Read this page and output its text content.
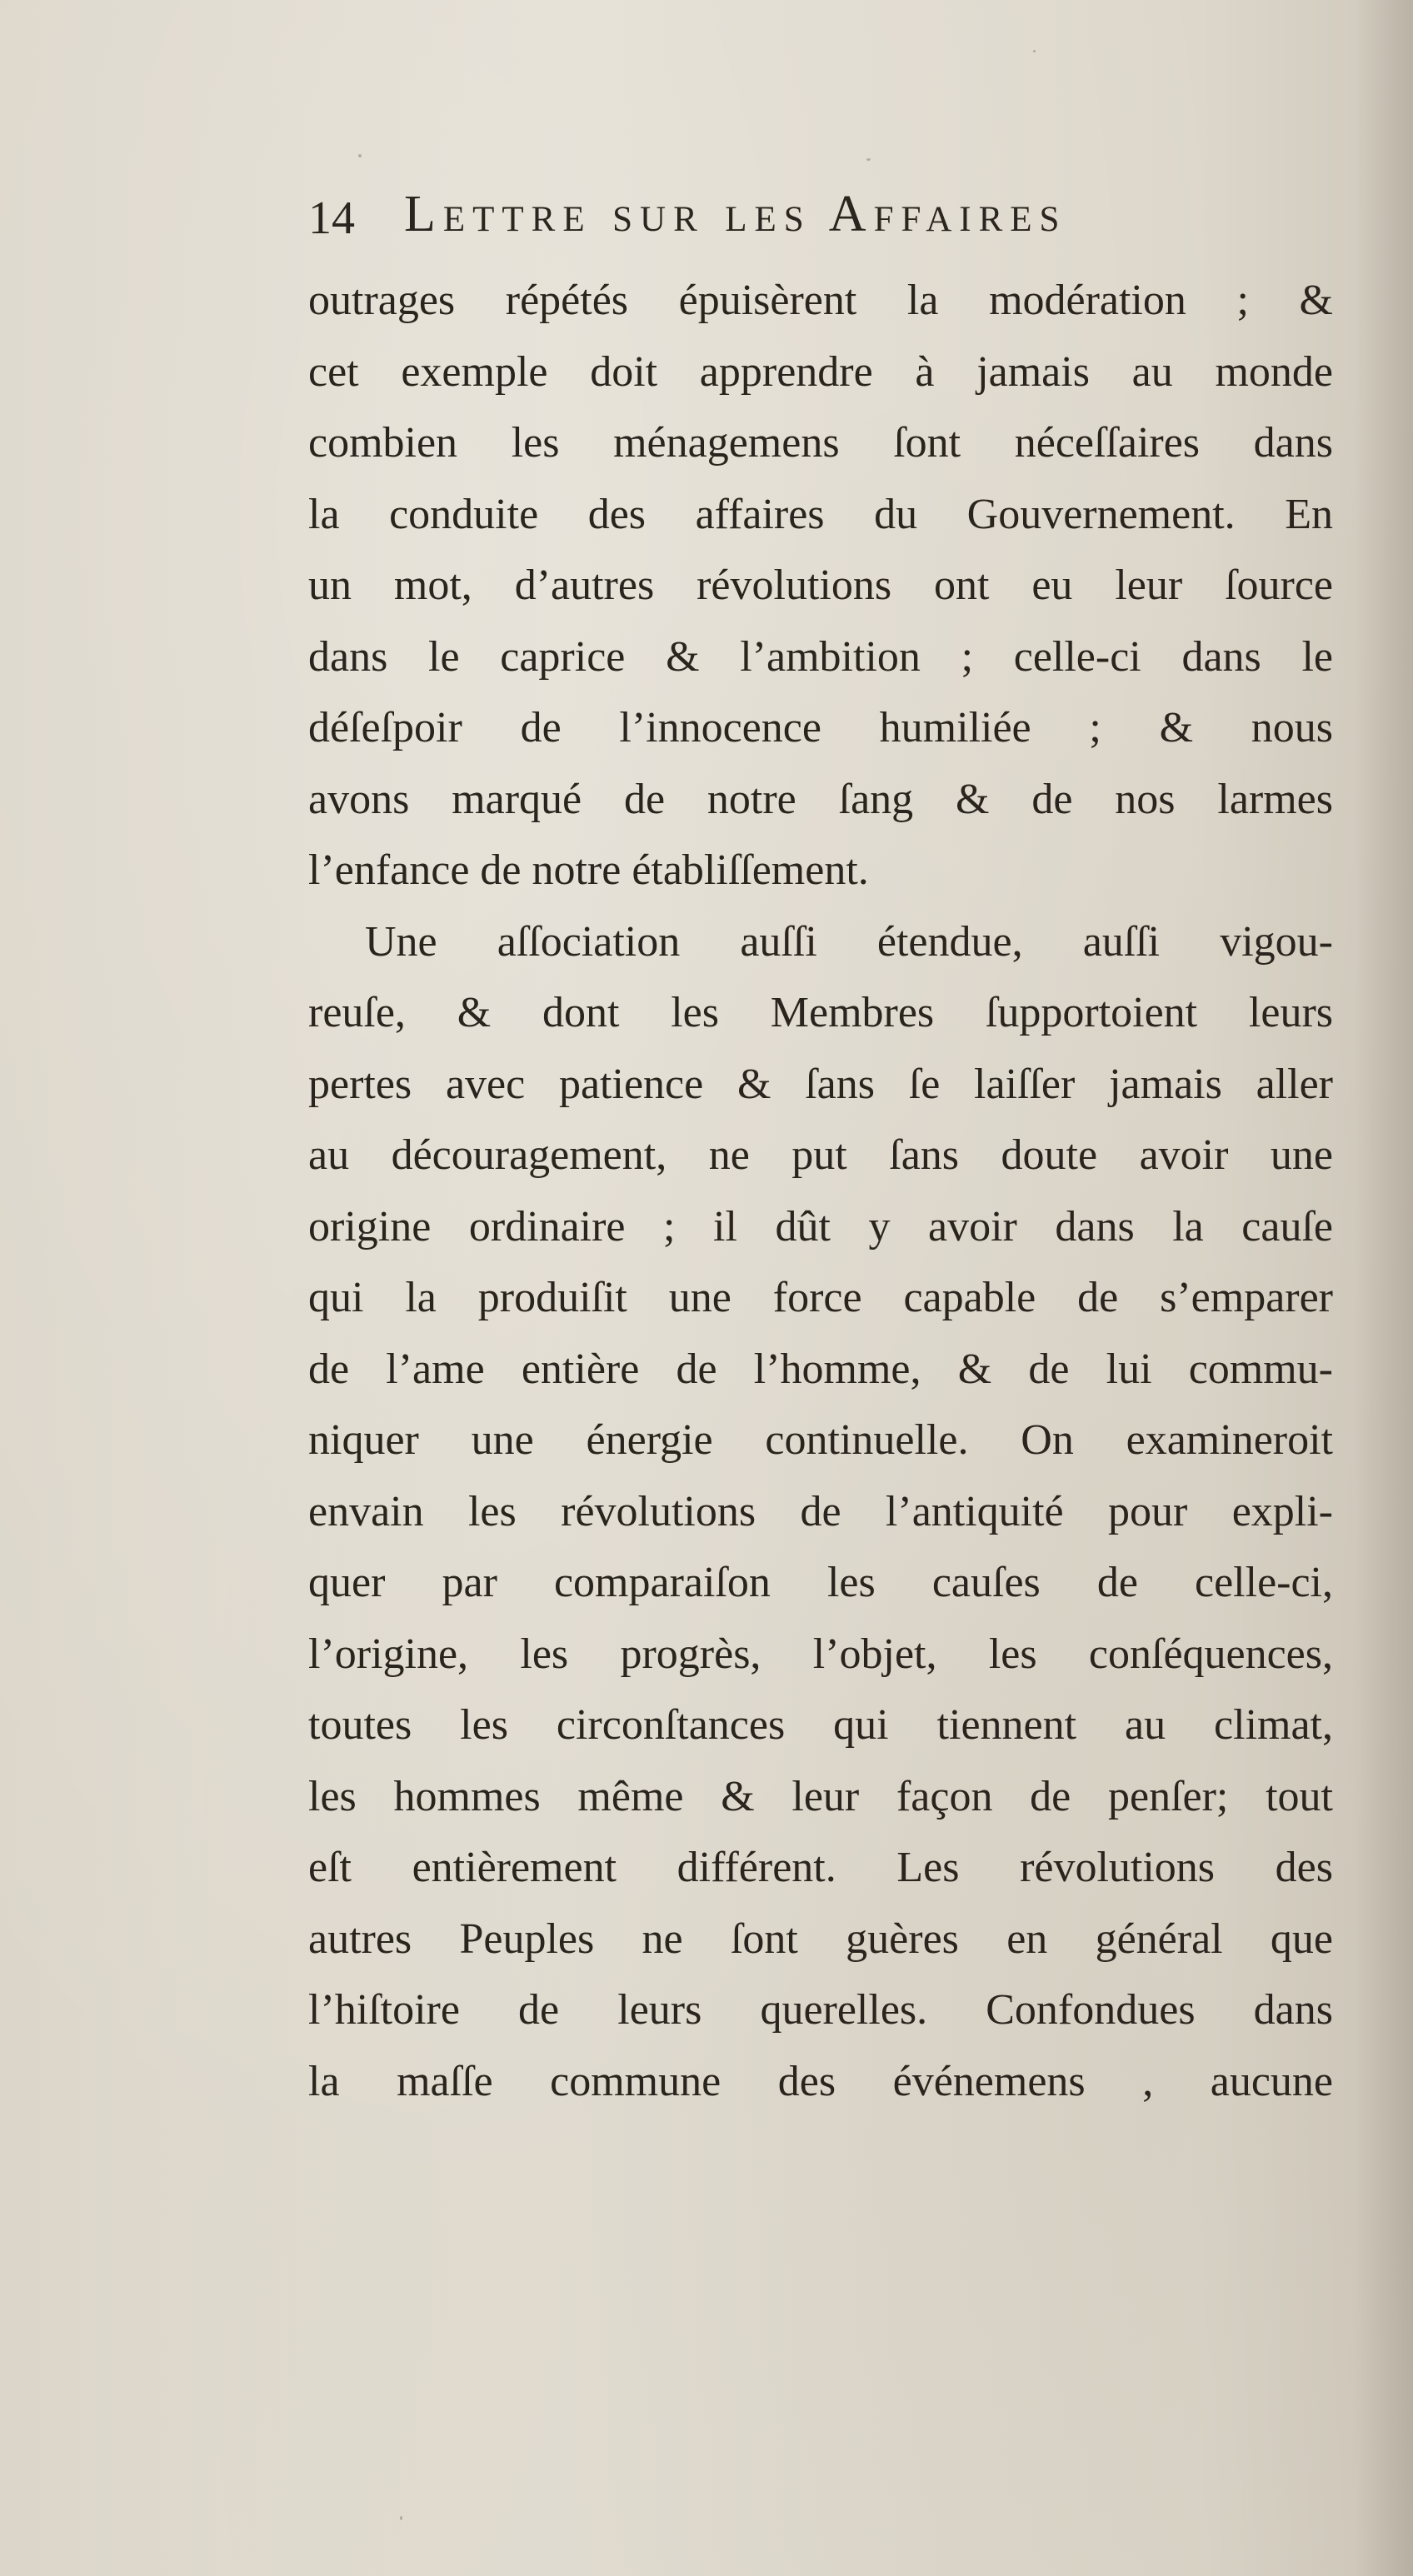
14 Lettre sur les Affaires
outrages répétés épuisèrent la modération ; &
cet exemple doit apprendre à jamais au monde
combien les ménagemens ſont néceſſaires dans
la conduite des affaires du Gouvernement. En
un mot, d’autres révolutions ont eu leur ſource
dans le caprice & l’ambition ; celle-ci dans le
déſeſpoir de l’innocence humiliée ; & nous
avons marqué de notre ſang & de nos larmes
l’enfance de notre établiſſement.
Une aſſociation auſſi étendue, auſſi vigou-
reuſe, & dont les Membres ſupportoient leurs
pertes avec patience & ſans ſe laiſſer jamais aller
au découragement, ne put ſans doute avoir une
origine ordinaire ; il dût y avoir dans la cauſe
qui la produiſit une force capable de s’emparer
de l’ame entière de l’homme, & de lui commu-
niquer une énergie continuelle. On examineroit
envain les révolutions de l’antiquité pour expli-
quer par comparaiſon les cauſes de celle-ci,
l’origine, les progrès, l’objet, les conſéquences,
toutes les circonſtances qui tiennent au climat,
les hommes même & leur façon de penſer; tout
eſt entièrement différent. Les révolutions des
autres Peuples ne ſont guères en général que
l’hiſtoire de leurs querelles. Confondues dans
la maſſe commune des événemens , aucune
